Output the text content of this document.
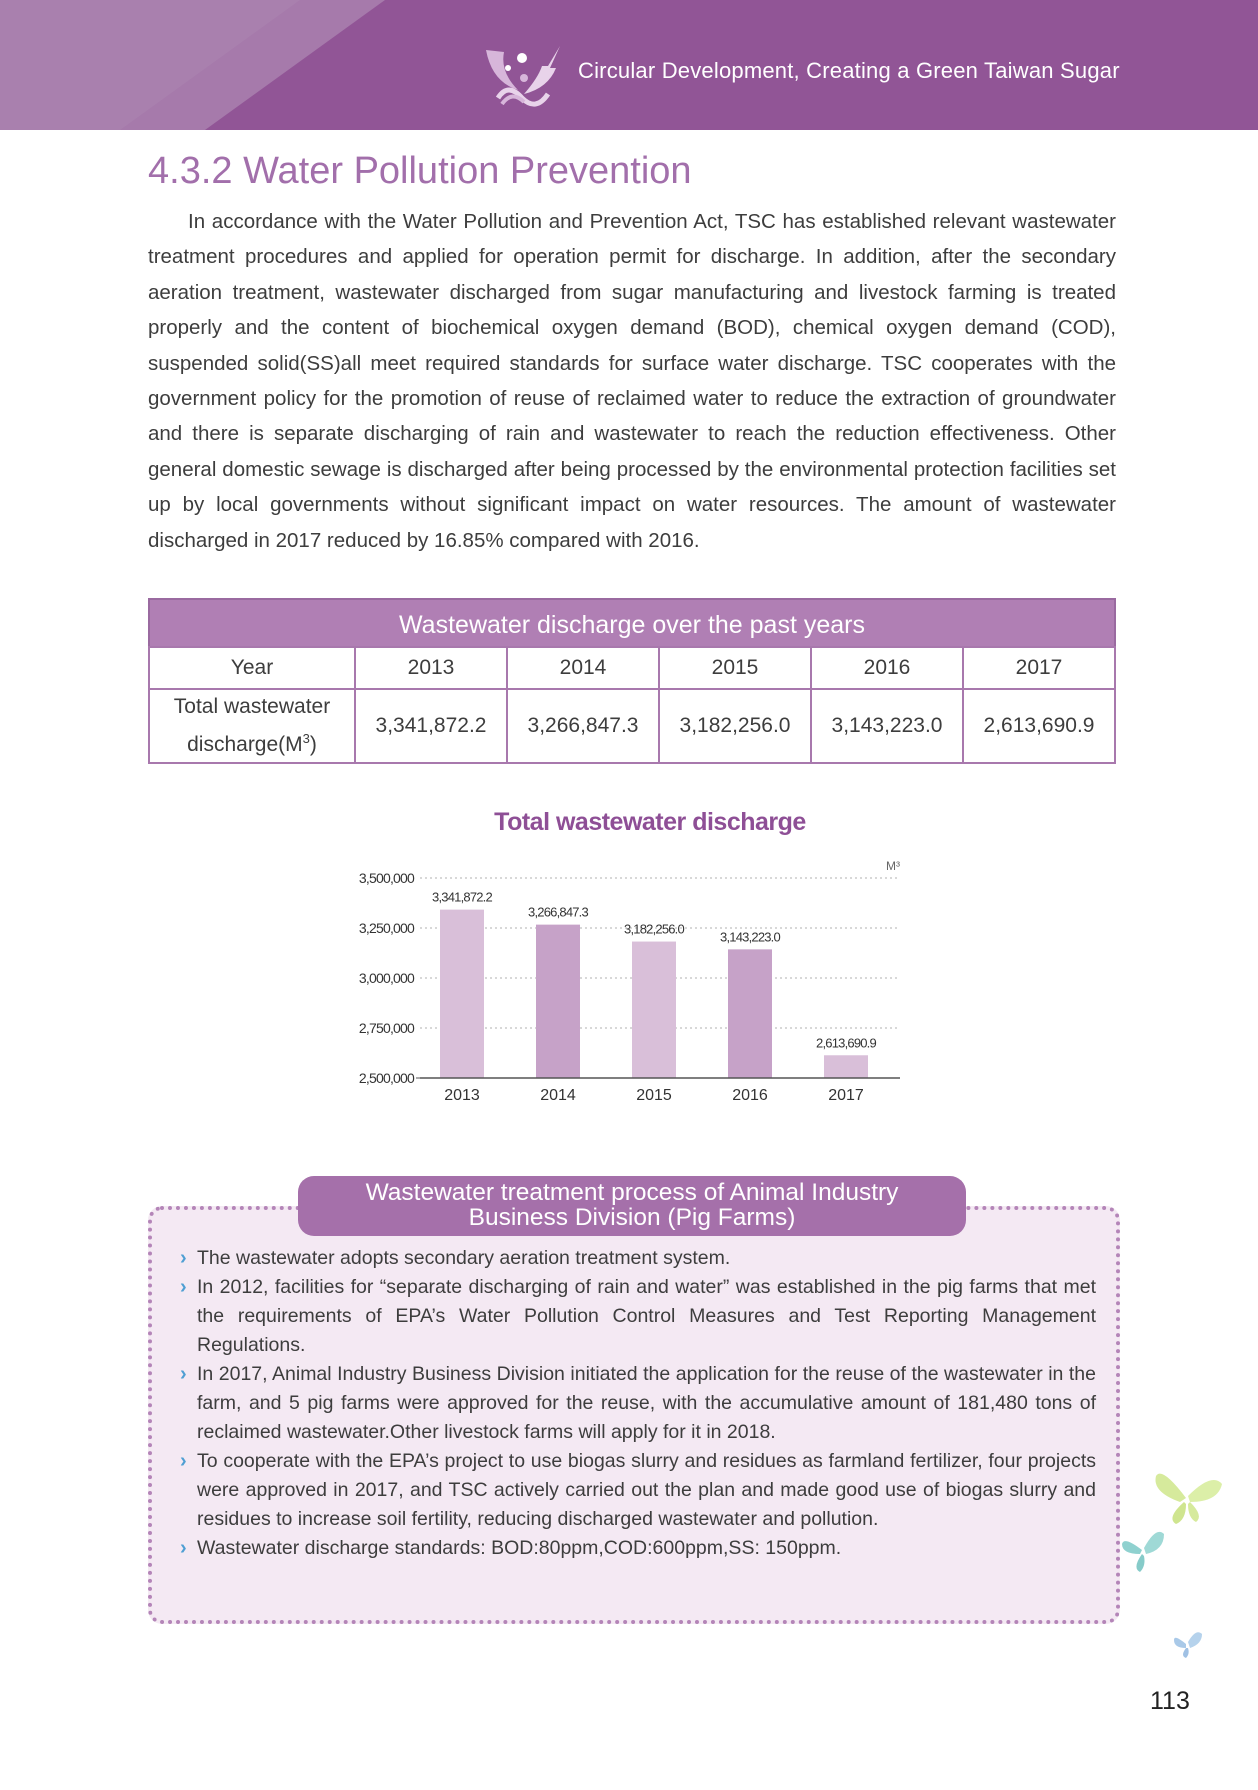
Circular Development, Creating a Green Taiwan Sugar
4.3.2 Water Pollution Prevention

In accordance with the Water Pollution and Prevention Act, TSC has established relevant wastewater treatment procedures and applied for operation permit for discharge. In addition, after the secondary aeration treatment, wastewater discharged from sugar manufacturing and livestock farming is treated properly and the content of biochemical oxygen demand (BOD), chemical oxygen demand (COD), suspended solid(SS)all meet required standards for surface water discharge. TSC cooperates with the government policy for the promotion of reuse of reclaimed water to reduce the extraction of groundwater and there is separate discharging of rain and wastewater to reach the reduction effectiveness. Other general domestic sewage is discharged after being processed by the environmental protection facilities set up by local governments without significant impact on water resources. The amount of wastewater discharged in 2017 reduced by 16.85% compared with 2016.

Wastewater discharge over the past years
Year	2013	2014	2015	2016	2017
Total wastewater
$discharge(M^3)$	3,341,872.2	3,266,847.3	3,182,256.0	3,143,223.0	2,613,690.9
Total wastewater discharge
2,500,000
2,750,000
3,000,000
3,250,000
3,500,000
M³
3,341,872.2
2013
3,266,847.3
2014
3,182,256.0
2015
3,143,223.0
2016
2,613,690.9
2017
Wastewater treatment process of Animal Industry
Business Division (Pig Farms)
› The wastewater adopts secondary aeration treatment system.
› In 2012, facilities for “separate discharging of rain and water” was established in the pig farms that met the requirements of EPA’s Water Pollution Control Measures and Test Reporting Management Regulations.
› In 2017, Animal Industry Business Division initiated the application for the reuse of the wastewater in the farm, and 5 pig farms were approved for the reuse, with the accumulative amount of 181,480 tons of reclaimed wastewater.Other livestock farms will apply for it in 2018.
› To cooperate with the EPA’s project to use biogas slurry and residues as farmland fertilizer, four projects were approved in 2017, and TSC actively carried out the plan and made good use of biogas slurry and residues to increase soil fertility, reducing discharged wastewater and pollution.
› Wastewater discharge standards: BOD:80ppm,COD:600ppm,SS: 150ppm.
113
